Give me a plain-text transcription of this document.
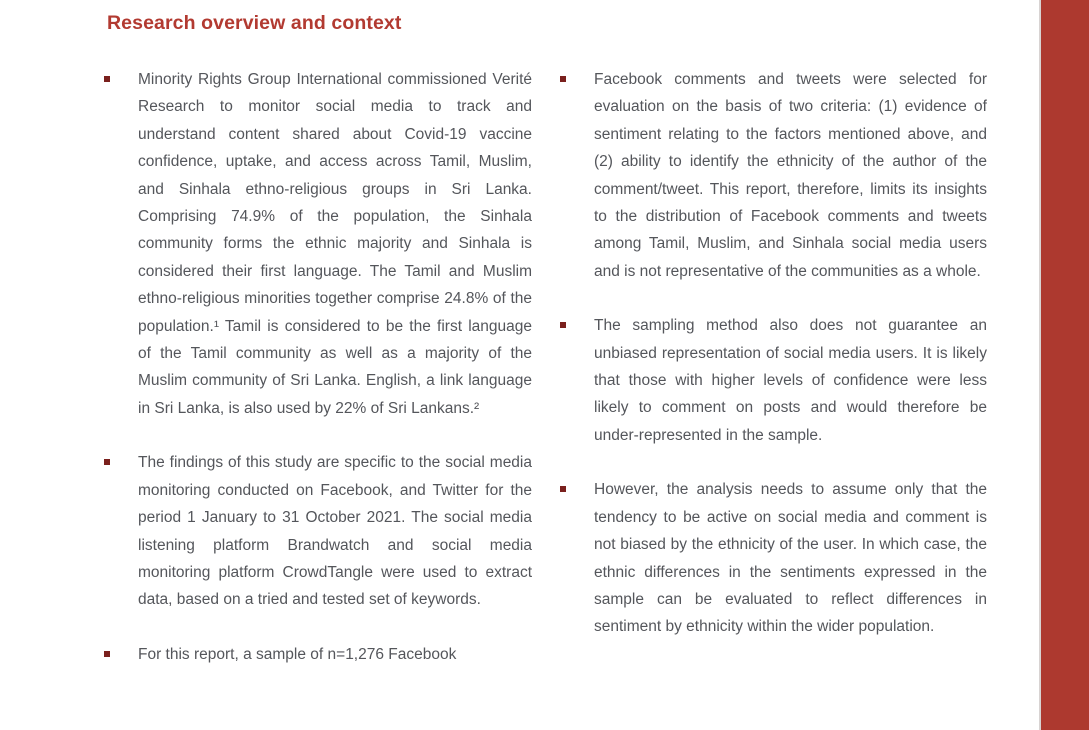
Research overview and context

Minority Rights Group International commissioned Verité Research to monitor social media to track and understand content shared about Covid-19 vaccine confidence, uptake, and access across Tamil, Muslim, and Sinhala ethno-religious groups in Sri Lanka. Comprising 74.9% of the population, the Sinhala community forms the ethnic majority and Sinhala is considered their first language. The Tamil and Muslim ethno-religious minorities together comprise 24.8% of the population.¹ Tamil is considered to be the first language of the Tamil community as well as a majority of the Muslim community of Sri Lanka. English, a link language in Sri Lanka, is also used by 22% of Sri Lankans.²

The findings of this study are specific to the social media monitoring conducted on Facebook, and Twitter for the period 1 January to 31 October 2021. The social media listening platform Brandwatch and social media monitoring platform CrowdTangle were used to extract data, based on a tried and tested set of keywords.

For this report, a sample of n=1,276 Facebook

Facebook comments and tweets were selected for evaluation on the basis of two criteria: (1) evidence of sentiment relating to the factors mentioned above, and (2) ability to identify the ethnicity of the author of the comment/tweet. This report, therefore, limits its insights to the distribution of Facebook comments and tweets among Tamil, Muslim, and Sinhala social media users and is not representative of the communities as a whole.

The sampling method also does not guarantee an unbiased representation of social media users. It is likely that those with higher levels of confidence were less likely to comment on posts and would therefore be under-represented in the sample.

However, the analysis needs to assume only that the tendency to be active on social media and comment is not biased by the ethnicity of the user. In which case, the ethnic differences in the sentiments expressed in the sample can be evaluated to reflect differences in sentiment by ethnicity within the wider population.
